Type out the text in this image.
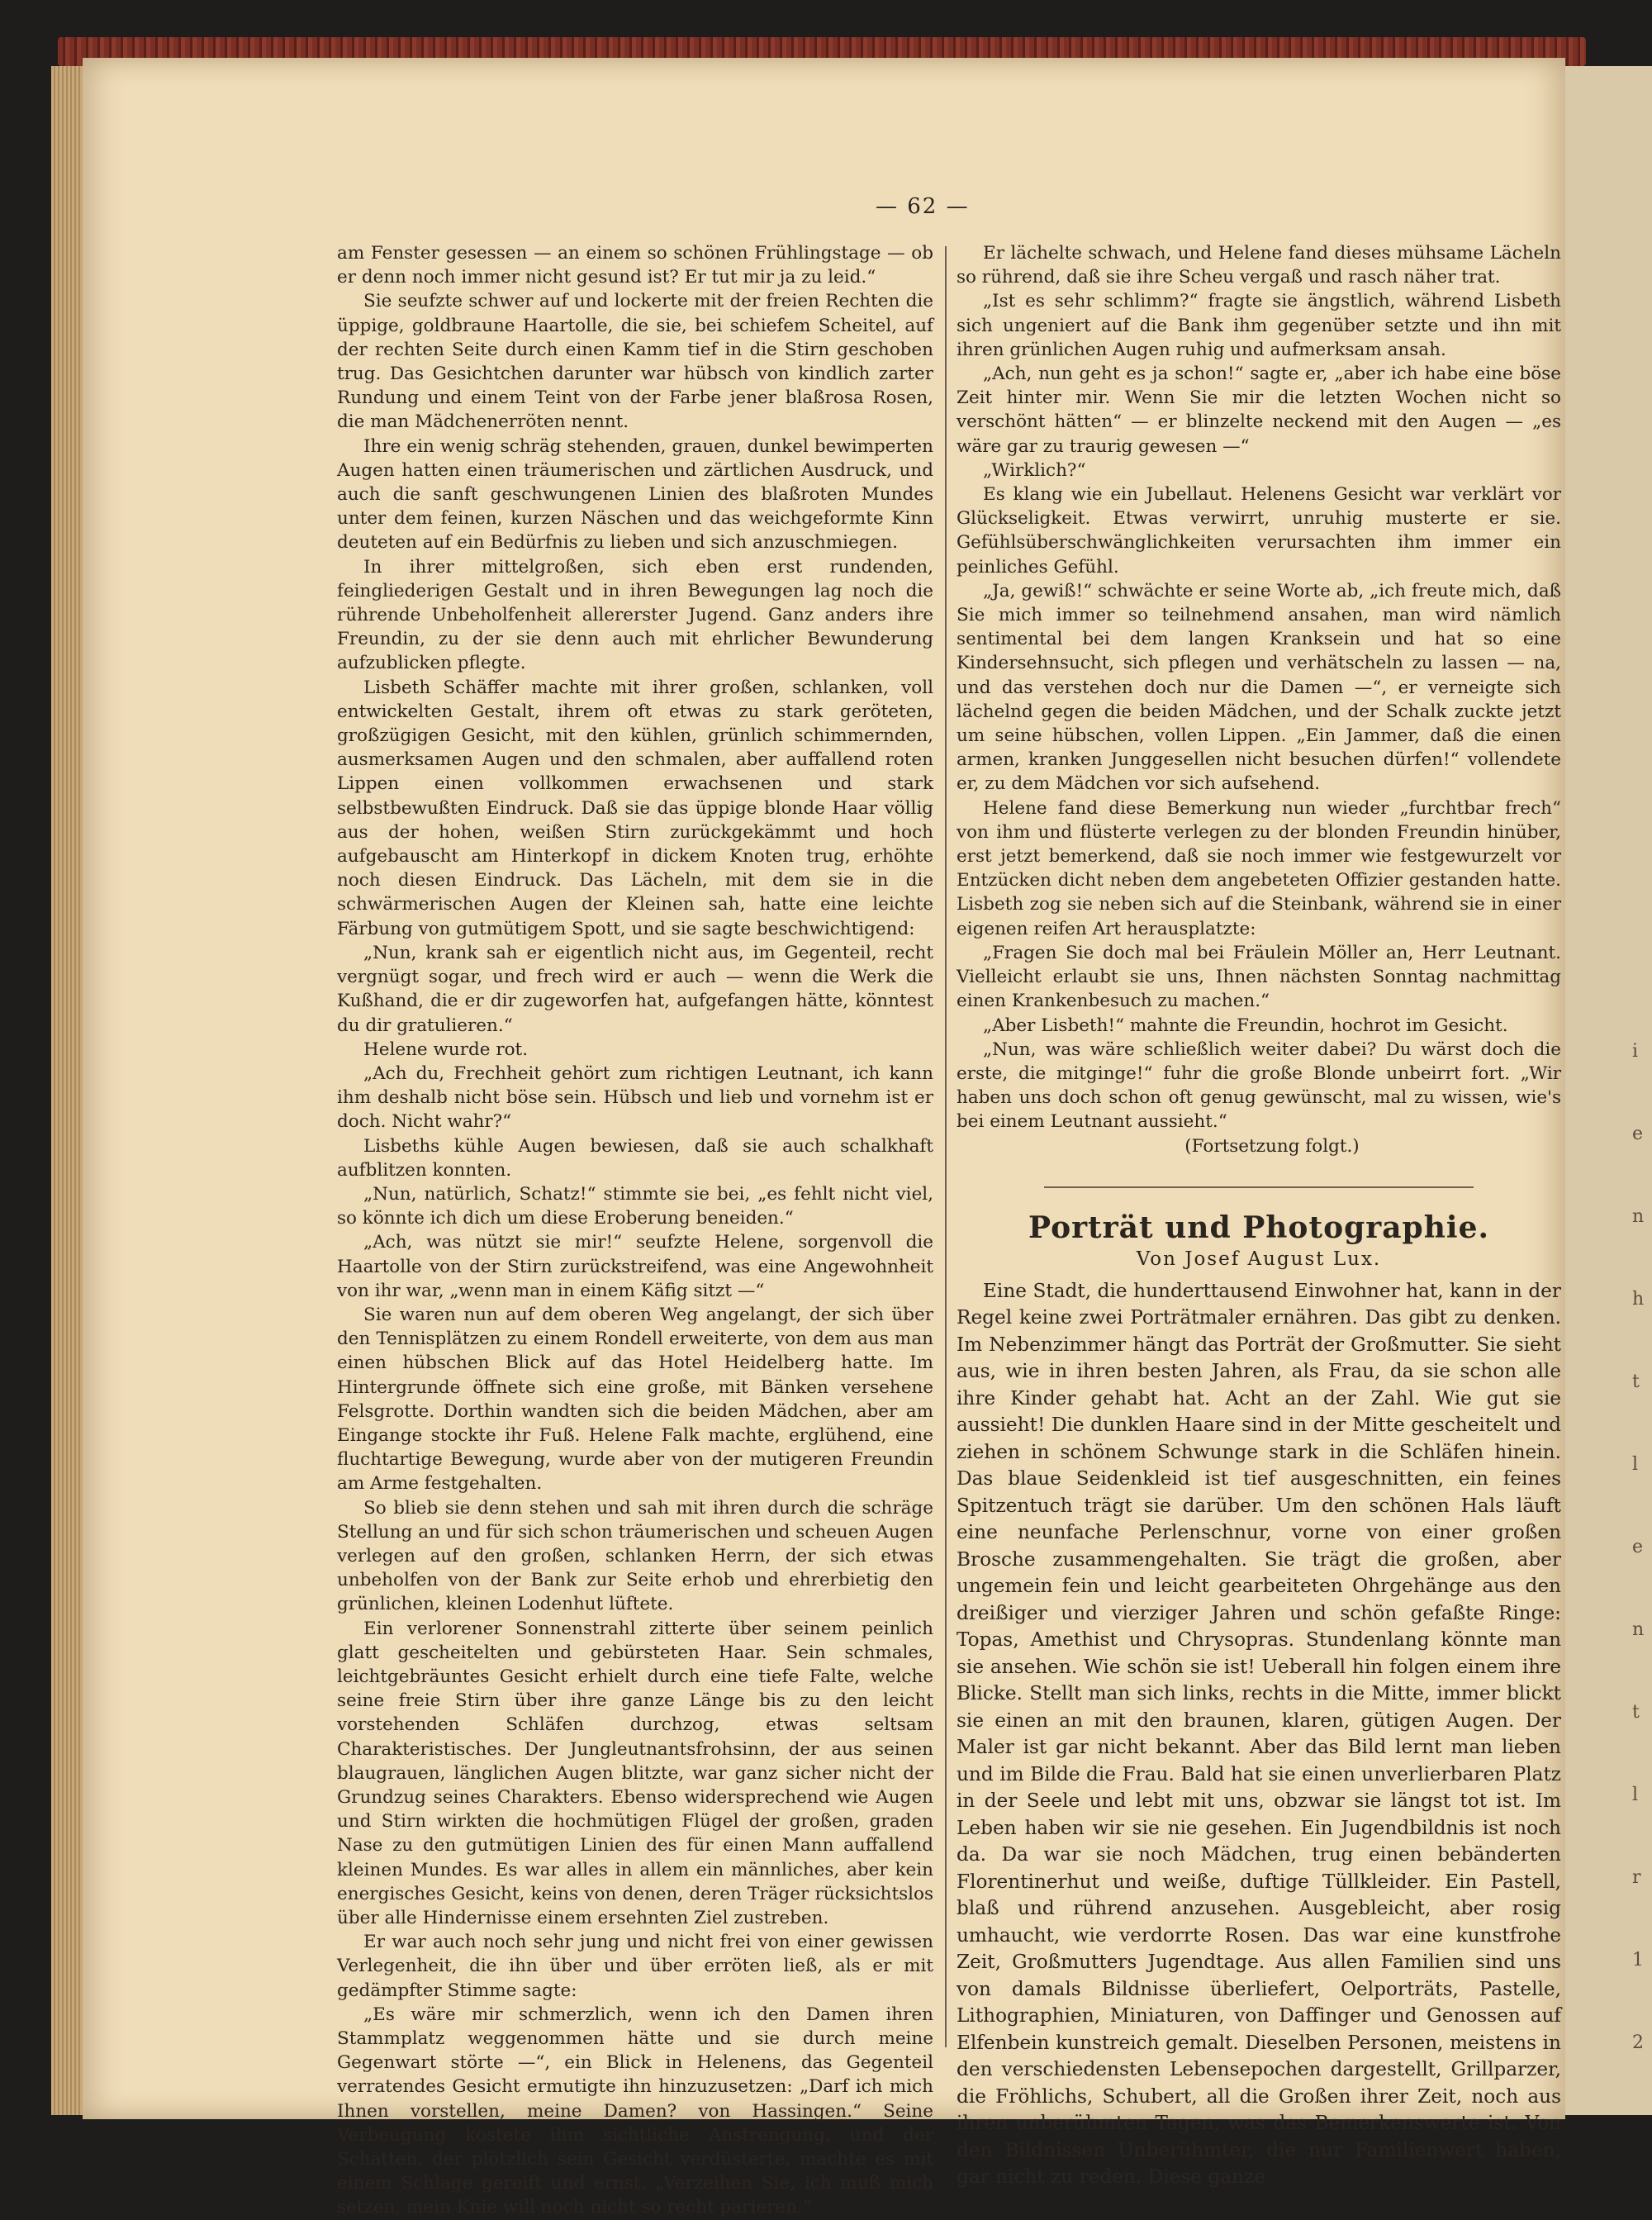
— 62 —

am Fenster gesessen — an einem so schönen Frühlingstage — ob er denn noch immer nicht gesund ist? Er tut mir ja zu leid.“

Sie seufzte schwer auf und lockerte mit der freien Rechten die üppige, goldbraune Haartolle, die sie, bei schiefem Scheitel, auf der rechten Seite durch einen Kamm tief in die Stirn geschoben trug. Das Gesichtchen darunter war hübsch von kindlich zarter Rundung und einem Teint von der Farbe jener blaßrosa Rosen, die man Mädchenerröten nennt.

Ihre ein wenig schräg stehenden, grauen, dunkel bewimperten Augen hatten einen träumerischen und zärtlichen Ausdruck, und auch die sanft geschwungenen Linien des blaßroten Mundes unter dem feinen, kurzen Näschen und das weichgeformte Kinn deuteten auf ein Bedürfnis zu lieben und sich anzuschmiegen.

In ihrer mittelgroßen, sich eben erst rundenden, feingliederigen Gestalt und in ihren Bewegungen lag noch die rührende Unbeholfenheit allererster Jugend. Ganz anders ihre Freundin, zu der sie denn auch mit ehrlicher Bewunderung aufzublicken pflegte.

Lisbeth Schäffer machte mit ihrer großen, schlanken, voll entwickelten Gestalt, ihrem oft etwas zu stark geröteten, großzügigen Gesicht, mit den kühlen, grünlich schimmernden, ausmerksamen Augen und den schmalen, aber auffallend roten Lippen einen vollkommen erwachsenen und stark selbstbewußten Eindruck. Daß sie das üppige blonde Haar völlig aus der hohen, weißen Stirn zurückgekämmt und hoch aufgebauscht am Hinterkopf in dickem Knoten trug, erhöhte noch diesen Eindruck. Das Lächeln, mit dem sie in die schwärmerischen Augen der Kleinen sah, hatte eine leichte Färbung von gutmütigem Spott, und sie sagte beschwichtigend:

„Nun, krank sah er eigentlich nicht aus, im Gegenteil, recht vergnügt sogar, und frech wird er auch — wenn die Werk die Kußhand, die er dir zugeworfen hat, aufgefangen hätte, könntest du dir gratulieren.“

Helene wurde rot.

„Ach du, Frechheit gehört zum richtigen Leutnant, ich kann ihm deshalb nicht böse sein. Hübsch und lieb und vornehm ist er doch. Nicht wahr?“

Lisbeths kühle Augen bewiesen, daß sie auch schalkhaft aufblitzen konnten.

„Nun, natürlich, Schatz!“ stimmte sie bei, „es fehlt nicht viel, so könnte ich dich um diese Eroberung beneiden.“

„Ach, was nützt sie mir!“ seufzte Helene, sorgenvoll die Haartolle von der Stirn zurückstreifend, was eine Angewohnheit von ihr war, „wenn man in einem Käfig sitzt —“

Sie waren nun auf dem oberen Weg angelangt, der sich über den Tennisplätzen zu einem Rondell erweiterte, von dem aus man einen hübschen Blick auf das Hotel Heidelberg hatte. Im Hintergrunde öffnete sich eine große, mit Bänken versehene Felsgrotte. Dorthin wandten sich die beiden Mädchen, aber am Eingange stockte ihr Fuß. Helene Falk machte, erglühend, eine fluchtartige Bewegung, wurde aber von der mutigeren Freundin am Arme festgehalten.

So blieb sie denn stehen und sah mit ihren durch die schräge Stellung an und für sich schon träumerischen und scheuen Augen verlegen auf den großen, schlanken Herrn, der sich etwas unbeholfen von der Bank zur Seite erhob und ehrerbietig den grünlichen, kleinen Lodenhut lüftete.

Ein verlorener Sonnenstrahl zitterte über seinem peinlich glatt gescheitelten und gebürsteten Haar. Sein schmales, leichtgebräuntes Gesicht erhielt durch eine tiefe Falte, welche seine freie Stirn über ihre ganze Länge bis zu den leicht vorstehenden Schläfen durchzog, etwas seltsam Charakteristisches. Der Jungleutnantsfrohsinn, der aus seinen blaugrauen, länglichen Augen blitzte, war ganz sicher nicht der Grundzug seines Charakters. Ebenso widersprechend wie Augen und Stirn wirkten die hochmütigen Flügel der großen, graden Nase zu den gutmütigen Linien des für einen Mann auffallend kleinen Mundes. Es war alles in allem ein männliches, aber kein energisches Gesicht, keins von denen, deren Träger rücksichtslos über alle Hindernisse einem ersehnten Ziel zustreben.

Er war auch noch sehr jung und nicht frei von einer gewissen Verlegenheit, die ihn über und über erröten ließ, als er mit gedämpfter Stimme sagte:

„Es wäre mir schmerzlich, wenn ich den Damen ihren Stammplatz weggenommen hätte und sie durch meine Gegenwart störte —“, ein Blick in Helenens, das Gegenteil verratendes Gesicht ermutigte ihn hinzuzusetzen: „Darf ich mich Ihnen vorstellen, meine Damen? von Hassingen.“ Seine Verbeugung kostete ihm sichtliche Anstrengung, und der Schatten, der plötzlich sein Gesicht verdüsterte, machte es mit einem Schlage gereift und ernst. „Verzeihen Sie, ich muß mich setzen, mein Knie will noch nicht so recht parieren.“

Er lächelte schwach, und Helene fand dieses mühsame Lächeln so rührend, daß sie ihre Scheu vergaß und rasch näher trat.

„Ist es sehr schlimm?“ fragte sie ängstlich, während Lisbeth sich ungeniert auf die Bank ihm gegenüber setzte und ihn mit ihren grünlichen Augen ruhig und aufmerksam ansah.

„Ach, nun geht es ja schon!“ sagte er, „aber ich habe eine böse Zeit hinter mir. Wenn Sie mir die letzten Wochen nicht so verschönt hätten“ — er blinzelte neckend mit den Augen — „es wäre gar zu traurig gewesen —“

„Wirklich?“

Es klang wie ein Jubellaut. Helenens Gesicht war verklärt vor Glückseligkeit. Etwas verwirrt, unruhig musterte er sie. Gefühlsüberschwänglichkeiten verursachten ihm immer ein peinliches Gefühl.

„Ja, gewiß!“ schwächte er seine Worte ab, „ich freute mich, daß Sie mich immer so teilnehmend ansahen, man wird nämlich sentimental bei dem langen Kranksein und hat so eine Kindersehnsucht, sich pflegen und verhätscheln zu lassen — na, und das verstehen doch nur die Damen —“, er verneigte sich lächelnd gegen die beiden Mädchen, und der Schalk zuckte jetzt um seine hübschen, vollen Lippen. „Ein Jammer, daß die einen armen, kranken Junggesellen nicht besuchen dürfen!“ vollendete er, zu dem Mädchen vor sich aufsehend.

Helene fand diese Bemerkung nun wieder „furchtbar frech“ von ihm und flüsterte verlegen zu der blonden Freundin hinüber, erst jetzt bemerkend, daß sie noch immer wie festgewurzelt vor Entzücken dicht neben dem angebeteten Offizier gestanden hatte. Lisbeth zog sie neben sich auf die Steinbank, während sie in einer eigenen reifen Art herausplatzte:

„Fragen Sie doch mal bei Fräulein Möller an, Herr Leutnant. Vielleicht erlaubt sie uns, Ihnen nächsten Sonntag nachmittag einen Krankenbesuch zu machen.“

„Aber Lisbeth!“ mahnte die Freundin, hochrot im Gesicht.

„Nun, was wäre schließlich weiter dabei? Du wärst doch die erste, die mitginge!“ fuhr die große Blonde unbeirrt fort. „Wir haben uns doch schon oft genug gewünscht, mal zu wissen, wie's bei einem Leutnant aussieht.“

(Fortsetzung folgt.)

Porträt und Photographie.
Von Josef August Lux.

Eine Stadt, die hunderttausend Einwohner hat, kann in der Regel keine zwei Porträtmaler ernähren. Das gibt zu denken. Im Nebenzimmer hängt das Porträt der Großmutter. Sie sieht aus, wie in ihren besten Jahren, als Frau, da sie schon alle ihre Kinder gehabt hat. Acht an der Zahl. Wie gut sie aussieht! Die dunklen Haare sind in der Mitte gescheitelt und ziehen in schönem Schwunge stark in die Schläfen hinein. Das blaue Seidenkleid ist tief ausgeschnitten, ein feines Spitzentuch trägt sie darüber. Um den schönen Hals läuft eine neunfache Perlenschnur, vorne von einer großen Brosche zusammengehalten. Sie trägt die großen, aber ungemein fein und leicht gearbeiteten Ohrgehänge aus den dreißiger und vierziger Jahren und schön gefaßte Ringe: Topas, Amethist und Chrysopras. Stundenlang könnte man sie ansehen. Wie schön sie ist! Ueberall hin folgen einem ihre Blicke. Stellt man sich links, rechts in die Mitte, immer blickt sie einen an mit den braunen, klaren, gütigen Augen. Der Maler ist gar nicht bekannt. Aber das Bild lernt man lieben und im Bilde die Frau. Bald hat sie einen unverlierbaren Platz in der Seele und lebt mit uns, obzwar sie längst tot ist. Im Leben haben wir sie nie gesehen. Ein Jugendbildnis ist noch da. Da war sie noch Mädchen, trug einen bebänderten Florentinerhut und weiße, duftige Tüllkleider. Ein Pastell, blaß und rührend anzusehen. Ausgebleicht, aber rosig umhaucht, wie verdorrte Rosen. Das war eine kunstfrohe Zeit, Großmutters Jugendtage. Aus allen Familien sind uns von damals Bildnisse überliefert, Oelporträts, Pastelle, Lithographien, Miniaturen, von Daffinger und Genossen auf Elfenbein kunstreich gemalt. Dieselben Personen, meistens in den verschiedensten Lebensepochen dargestellt, Grillparzer, die Fröhlichs, Schubert, all die Großen ihrer Zeit, noch aus ihren unberühmten Tagen, was das Bemerkenswerte ist. Von den Bildnissen Unberühmter, die nur Familienwert haben, gar nicht zu reden. Diese ganze

i
e
n
h
t
l
e
n
t
l
r
1
2
